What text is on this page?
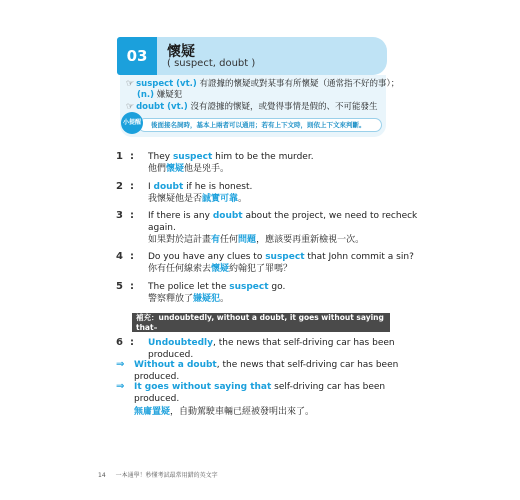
03	懷疑
( suspect, doubt )
☞ suspect (vt.) 有證據的懷疑或對某事有所懷疑（通常指不好的事）；
(n.) 嫌疑犯
☞ doubt (vt.) 沒有證據的懷疑，或覺得事情是假的、不可能發生
後面接名詞時，基本上兩者可以通用；若有上下文時，則依上下文來判斷。
小提醒
1 :	They suspect him to be the murder.
他們懷疑他是兇手。
2 :	I doubt if he is honest.
我懷疑他是否誠實可靠。
3 :	If there is any doubt about the project, we need to recheck
again.
如果對於這計畫有任何問題，應該要再重新檢視一次。
4 :	Do you have any clues to suspect that John commit a sin?
你有任何線索去懷疑約翰犯了罪嗎？
5 :	The police let the suspect go.
警察釋放了嫌疑犯。
補充：undoubtedly, without a doubt, it goes without saying that–
無庸置疑
6 :	Undoubtedly, the news that self-driving car has been
produced.
⇒	Without a doubt, the news that self-driving car has been
produced.
⇒	It goes without saying that self-driving car has been
produced.
無庸置疑，自動駕駛車輛已經被發明出來了。
14 一本通學！秒懂考試最常用錯的英文字
